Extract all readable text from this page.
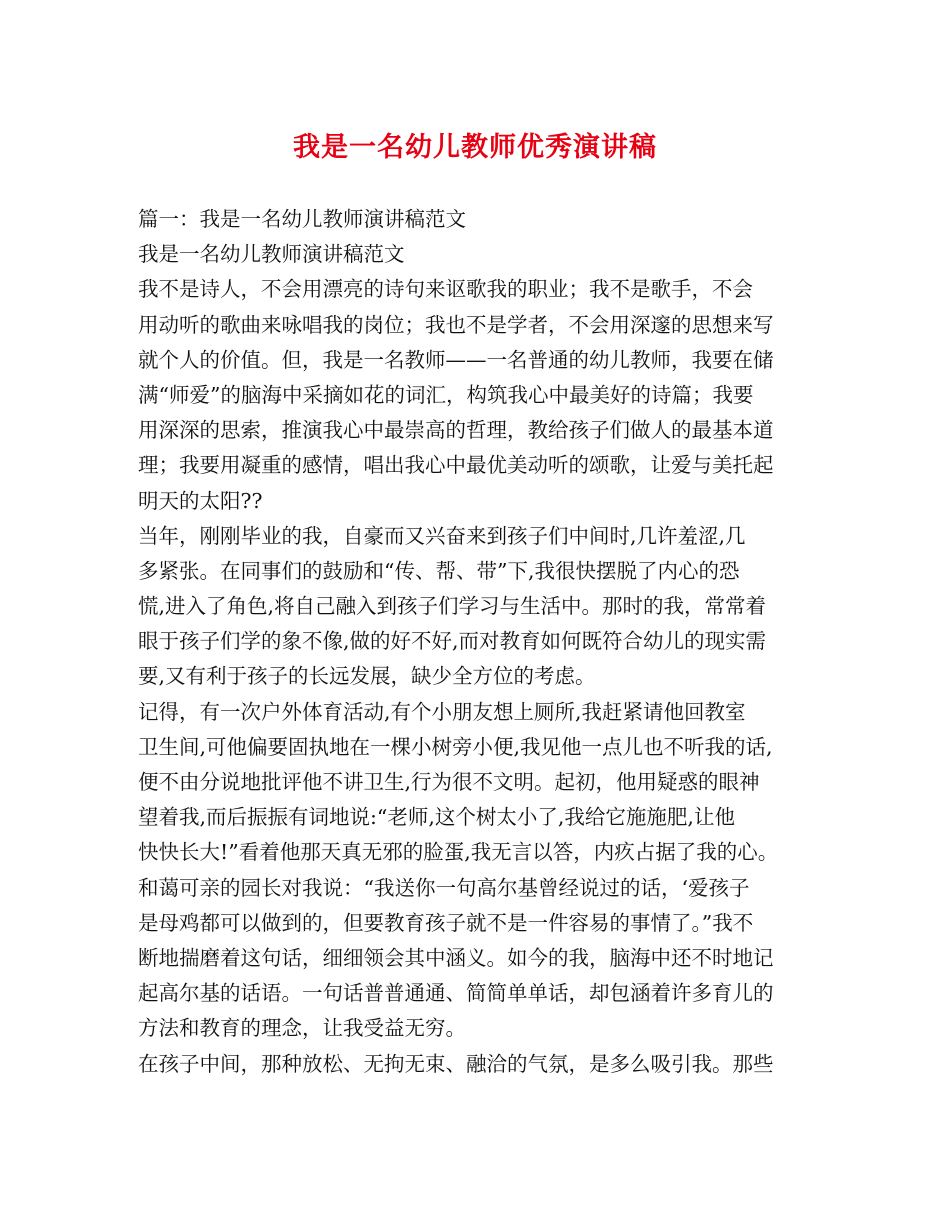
我是一名幼儿教师优秀演讲稿
篇一：我是一名幼儿教师演讲稿范文
我是一名幼儿教师演讲稿范文
我不是诗人，不会用漂亮的诗句来讴歌我的职业；我不是歌手，不会
用动听的歌曲来咏唱我的岗位；我也不是学者，不会用深邃的思想来写
就个人的价值。但，我是一名教师——一名普通的幼儿教师，我要在储
满“师爱”的脑海中采摘如花的词汇，构筑我心中最美好的诗篇；我要
用深深的思索，推演我心中最崇高的哲理，教给孩子们做人的最基本道
理；我要用凝重的感情，唱出我心中最优美动听的颂歌，让爱与美托起
明天的太阳??
当年，刚刚毕业的我，自豪而又兴奋来到孩子们中间时,几许羞涩,几
多紧张。在同事们的鼓励和“传、帮、带”下,我很快摆脱了内心的恐
慌,进入了角色,将自己融入到孩子们学习与生活中。那时的我，常常着
眼于孩子们学的象不像,做的好不好,而对教育如何既符合幼儿的现实需
要,又有利于孩子的长远发展，缺少全方位的考虑。
记得，有一次户外体育活动,有个小朋友想上厕所,我赶紧请他回教室
卫生间,可他偏要固执地在一棵小树旁小便,我见他一点儿也不听我的话,
便不由分说地批评他不讲卫生,行为很不文明。起初，他用疑惑的眼神
望着我,而后振振有词地说:“老师,这个树太小了,我给它施施肥,让他
快快长大!”看着他那天真无邪的脸蛋,我无言以答，内疚占据了我的心。
和蔼可亲的园长对我说：“我送你一句高尔基曾经说过的话，‘爱孩子
是母鸡都可以做到的，但要教育孩子就不是一件容易的事情了。”我不
断地揣磨着这句话，细细领会其中涵义。如今的我，脑海中还不时地记
起高尔基的话语。一句话普普通通、简简单单话，却包涵着许多育儿的
方法和教育的理念，让我受益无穷。
在孩子中间，那种放松、无拘无束、融洽的气氛，是多么吸引我。那些
